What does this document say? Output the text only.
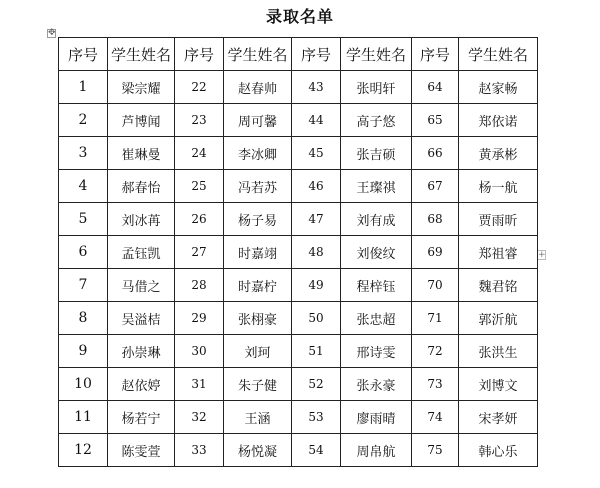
录取名单
✥
+
序号	学生姓名	序号	学生姓名	序号	学生姓名	序号	学生姓名
1	梁宗耀	22	赵春帅	43	张明轩	64	赵家畅
2	芦博闻	23	周可馨	44	高子悠	65	郑依诺
3	崔琳曼	24	李冰卿	45	张吉硕	66	黄承彬
4	郝春怡	25	冯若苏	46	王璨祺	67	杨一航
5	刘冰苒	26	杨子易	47	刘有成	68	贾雨昕
6	孟钰凯	27	时嘉翊	48	刘俊纹	69	郑祖睿
7	马借之	28	时嘉柠	49	程梓钰	70	魏君铭
8	吴溢桔	29	张栩豪	50	张忠超	71	郭沂航
9	孙崇琳	30	刘珂	51	邢诗雯	72	张洪生
10	赵依婷	31	朱子健	52	张永豪	73	刘博文
11	杨若宁	32	王涵	53	廖雨晴	74	宋孝妍
12	陈雯萱	33	杨悦凝	54	周帛航	75	韩心乐
